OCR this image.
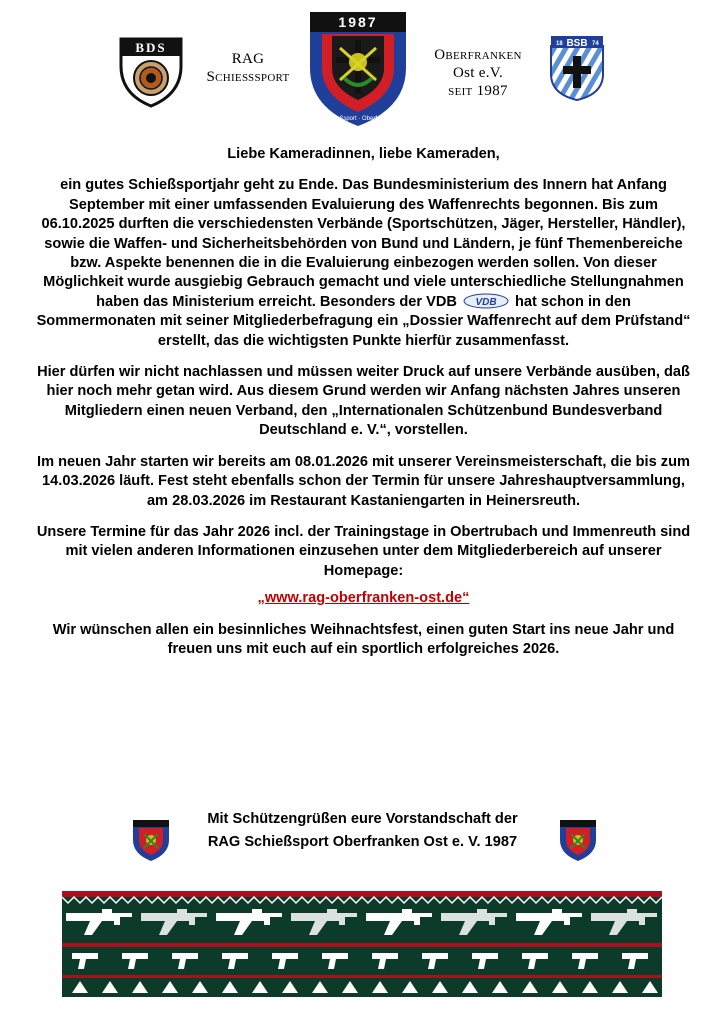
BDS
RAG
Schießsport
1987
RAG-Schießsport · Oberfranken Ost
Oberfranken
Ost e.V.
seit 1987
18 BSB 74

Liebe Kameradinnen, liebe Kameraden,

ein gutes Schießsportjahr geht zu Ende. Das Bundesministerium des Innern hat Anfang September mit einer umfassenden Evaluierung des Waffenrechts begonnen. Bis zum 06.10.2025 durften die verschiedensten Verbände (Sportschützen, Jäger, Hersteller, Händler), sowie die Waffen- und Sicherheitsbehörden von Bund und Ländern, je fünf Themenbereiche bzw. Aspekte benennen die in die Evaluierung einbezogen werden sollen. Von dieser Möglichkeit wurde ausgiebig Gebrauch gemacht und viele unterschiedliche Stellungnahmen haben das Ministerium erreicht. Besonders der VDB VDB hat schon in den Sommermonaten mit seiner Mitgliederbefragung ein „Dossier Waffenrecht auf dem Prüfstand“ erstellt, das die wichtigsten Punkte hierfür zusammenfasst.

Hier dürfen wir nicht nachlassen und müssen weiter Druck auf unsere Verbände ausüben, daß hier noch mehr getan wird. Aus diesem Grund werden wir Anfang nächsten Jahres unseren Mitgliedern einen neuen Verband, den „Internationalen Schützenbund Bundesverband Deutschland e. V.“, vorstellen.

Im neuen Jahr starten wir bereits am 08.01.2026 mit unserer Vereinsmeisterschaft, die bis zum 14.03.2026 läuft. Fest steht ebenfalls schon der Termin für unsere Jahreshauptversammlung, am 28.03.2026 im Restaurant Kastaniengarten in Heinersreuth.

Unsere Termine für das Jahr 2026 incl. der Trainingstage in Obertrubach und Immenreuth sind mit vielen anderen Informationen einzusehen unter dem Mitgliederbereich auf unserer Homepage:

„www.rag-oberfranken-ost.de“

Wir wünschen allen ein besinnliches Weihnachtsfest, einen guten Start ins neue Jahr und freuen uns mit euch auf ein sportlich erfolgreiches 2026.

Mit Schützengrüßen eure Vorstandschaft der
RAG Schießsport Oberfranken Ost e. V. 1987
